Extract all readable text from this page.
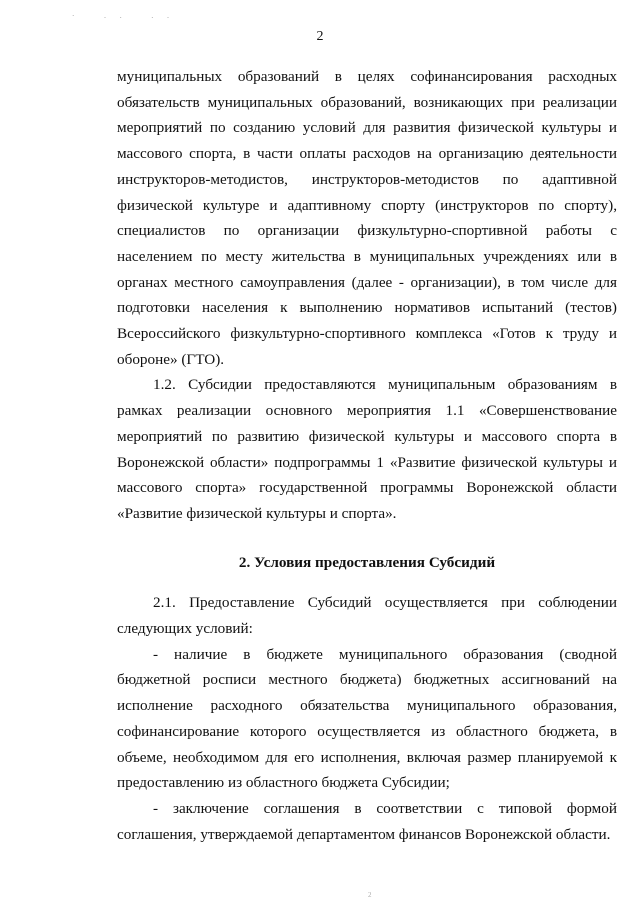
· .. ..
2

муниципальных образований в целях софинансирования расходных обязательств муниципальных образований, возникающих при реализации мероприятий по созданию условий для развития физической культуры и массового спорта, в части оплаты расходов на организацию деятельности инструкторов-методистов, инструкторов-методистов по адаптивной физической культуре и адаптивному спорту (инструкторов по спорту), специалистов по организации физкультурно-спортивной работы с населением по месту жительства в муниципальных учреждениях или в органах местного самоуправления (далее - организации), в том числе для подготовки населения к выполнению нормативов испытаний (тестов) Всероссийского физкультурно-спортивного комплекса «Готов к труду и обороне» (ГТО).

1.2. Субсидии предоставляются муниципальным образованиям в рамках реализации основного мероприятия 1.1 «Совершенствование мероприятий по развитию физической культуры и массового спорта в Воронежской области» подпрограммы 1 «Развитие физической культуры и массового спорта» государственной программы Воронежской области «Развитие физической культуры и спорта».

2. Условия предоставления Субсидий

2.1. Предоставление Субсидий осуществляется при соблюдении следующих условий:

- наличие в бюджете муниципального образования (сводной бюджетной росписи местного бюджета) бюджетных ассигнований на исполнение расходного обязательства муниципального образования, софинансирование которого осуществляется из областного бюджета, в объеме, необходимом для его исполнения, включая размер планируемой к предоставлению из областного бюджета Субсидии;

- заключение соглашения в соответствии с типовой формой соглашения, утверждаемой департаментом финансов Воронежской области.

2
